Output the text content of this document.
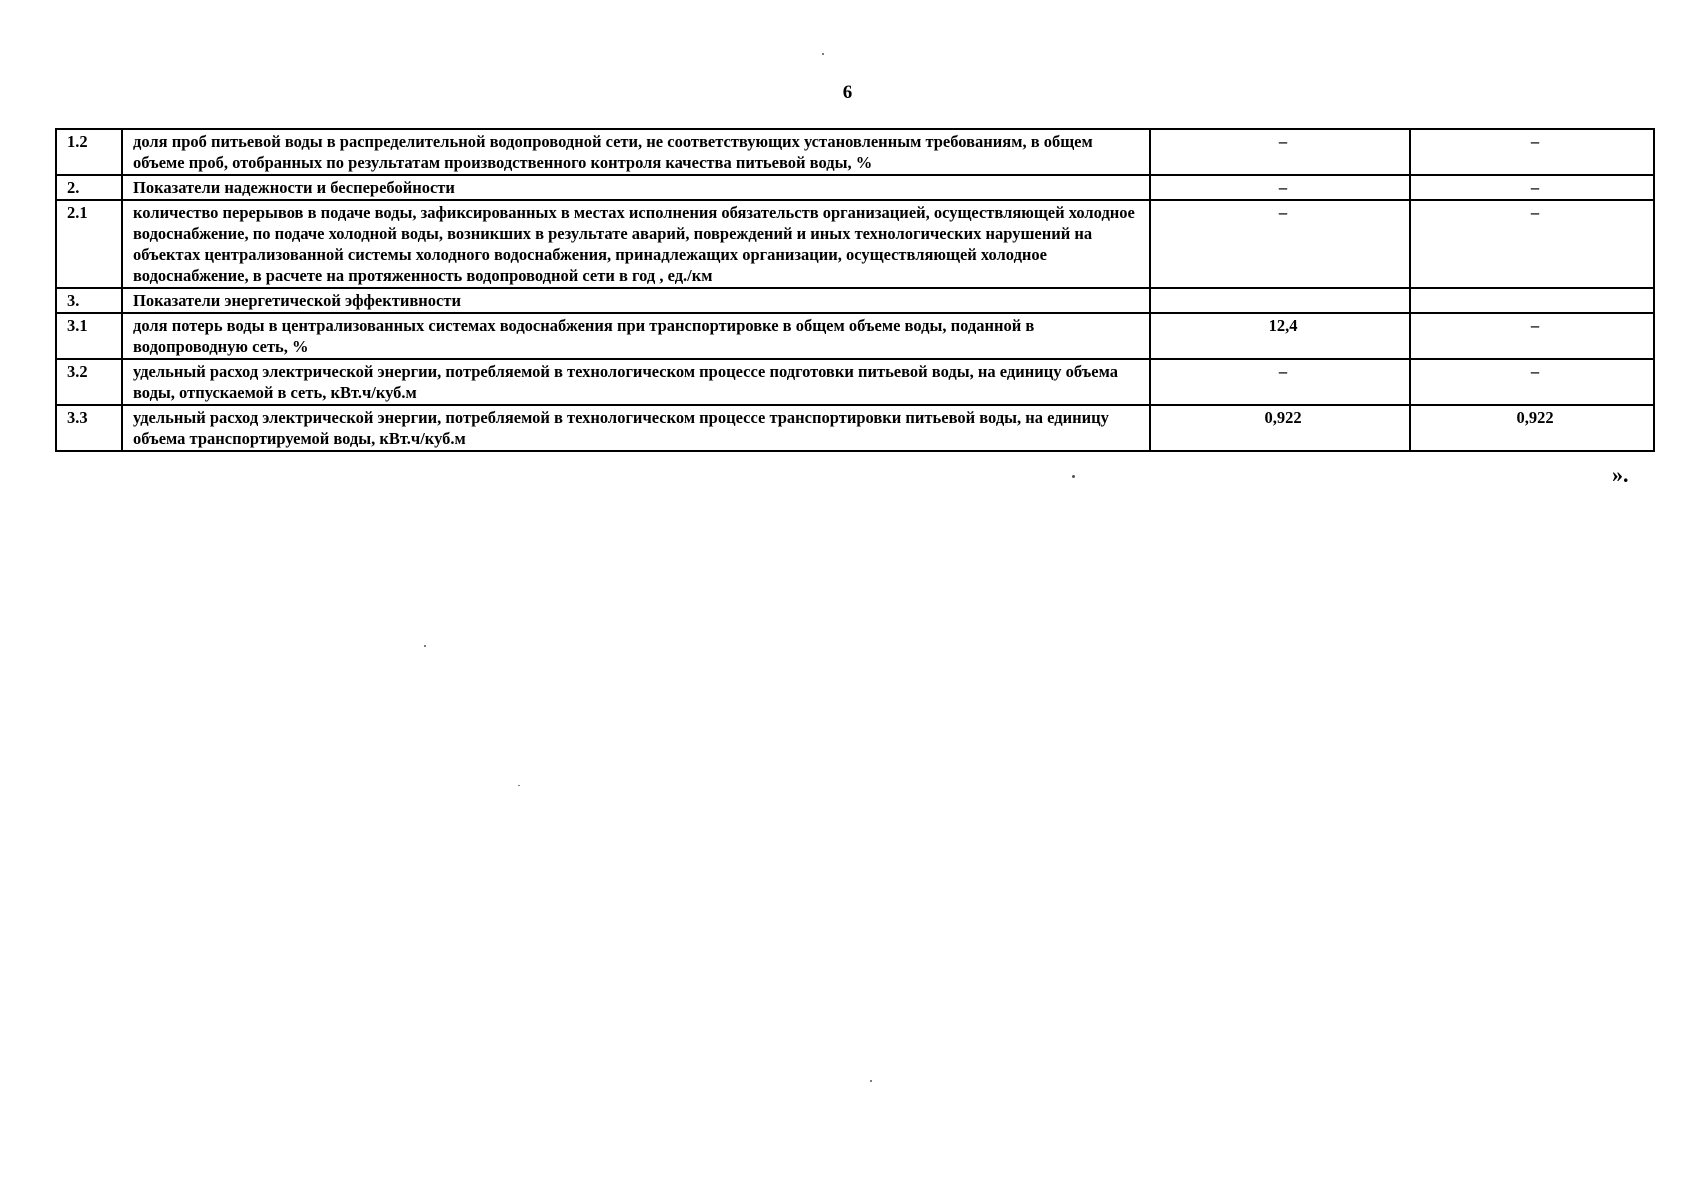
6
1.2	доля проб питьевой воды в распределительной водопроводной сети, не соответствующих установленным требованиям, в общем объеме проб, отобранных по результатам производственного контроля качества питьевой воды, %	–	–
2.	Показатели надежности и бесперебойности	–	–
2.1	количество перерывов в подаче воды, зафиксированных в местах исполнения обязательств организацией, осуществляющей холодное водоснабжение, по подаче холодной воды, возникших в результате аварий, повреждений и иных технологических нарушений на объектах централизованной системы холодного водоснабжения, принадлежащих организации, осуществляющей холодное водоснабжение, в расчете на протяженность водопроводной сети в год , ед./км	–	–
3.	Показатели энергетической эффективности		
3.1	доля потерь воды в централизованных системах водоснабжения при транспортировке в общем объеме воды, поданной в водопроводную сеть, %	12,4	–
3.2	удельный расход электрической энергии, потребляемой в технологическом процессе подготовки питьевой воды, на единицу объема воды, отпускаемой в сеть, кВт.ч/куб.м	–	–
3.3	удельный расход электрической энергии, потребляемой в технологическом процессе транспортировки питьевой воды, на единицу объема транспортируемой воды, кВт.ч/куб.м	0,922	0,922
».
